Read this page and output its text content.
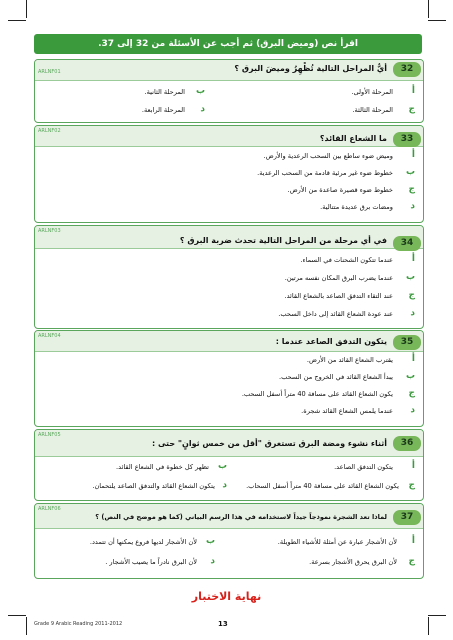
اقرأ نص (وميض البرق) ثم أجب عن الأسئلة من 32 إلى 37.
32
أيُّ المراحل التالية تُظْهِرُ وميضَ البرق ؟
ARLNF01
أ
المرحلة الأولى.
ب
المرحلة الثانية.
ج
المرحلة الثالثة.
د
المرحلة الرابعة.
33
ما الشعاع القائد؟
ARLNF02
أ
وميض ضوء ساطع بين السحب الرعدية والأرض.
ب
خطوط ضوء غير مرئية قادمة من السحب الرعدية.
ج
خطوط ضوء قصيرة صاعدة من الأرض.
د
ومضات برق عديدة متتالية.
34
في أي مرحلة من المراحل التالية تحدث ضربة البرق ؟
ARLNF03
أ
عندما تتكون الشحنات في السماء.
ب
عندما يضرب البرق المكان نفسه مرتين.
ج
عند التقاء التدفق الصاعد بالشعاع القائد.
د
عند عودة الشعاع القائد إلى داخل السحب.
35
يتكون التدفق الصاعد عندما :
ARLNF04
أ
يقترب الشعاع القائد من الأرض.
ب
يبدأ الشعاع القائد في الخروج من السحب.
ج
يكون الشعاع القائد على مسافة 40 متراً أسفل السحب.
د
عندما يلمس الشعاع القائد شجرة.
36
أثناء نشوء ومضة البرق تستغرق "أقل من خمس ثوانٍ" حتى :
ARLNF05
أ
يتكون التدفق الصاعد.
ب
تظهر كل خطوة في الشعاع القائد.
ج
يكون الشعاع القائد على مسافة 40 متراً أسفل السحاب.
د
يتكون الشعاع القائد والتدفق الصاعد يلتحمان.
37
لماذا تعد الشجرة نموذجاً جيداً لاستخدامه في هذا الرسم البياني (كما هو موضح في النص) ؟
ARLNF06
أ
لأن الأشجار عبارة عن أمثلة للأشياء الطويلة.
ب
لأن الأشجار لديها فروع يمكنها أن تتمدد.
ج
لأن البرق يحرق الأشجار بسرعة.
د
لأن البرق نادراً ما يصيب الأشجار .
نهاية الاختبار
Grade 9 Arabic Reading 2011-2012	13
